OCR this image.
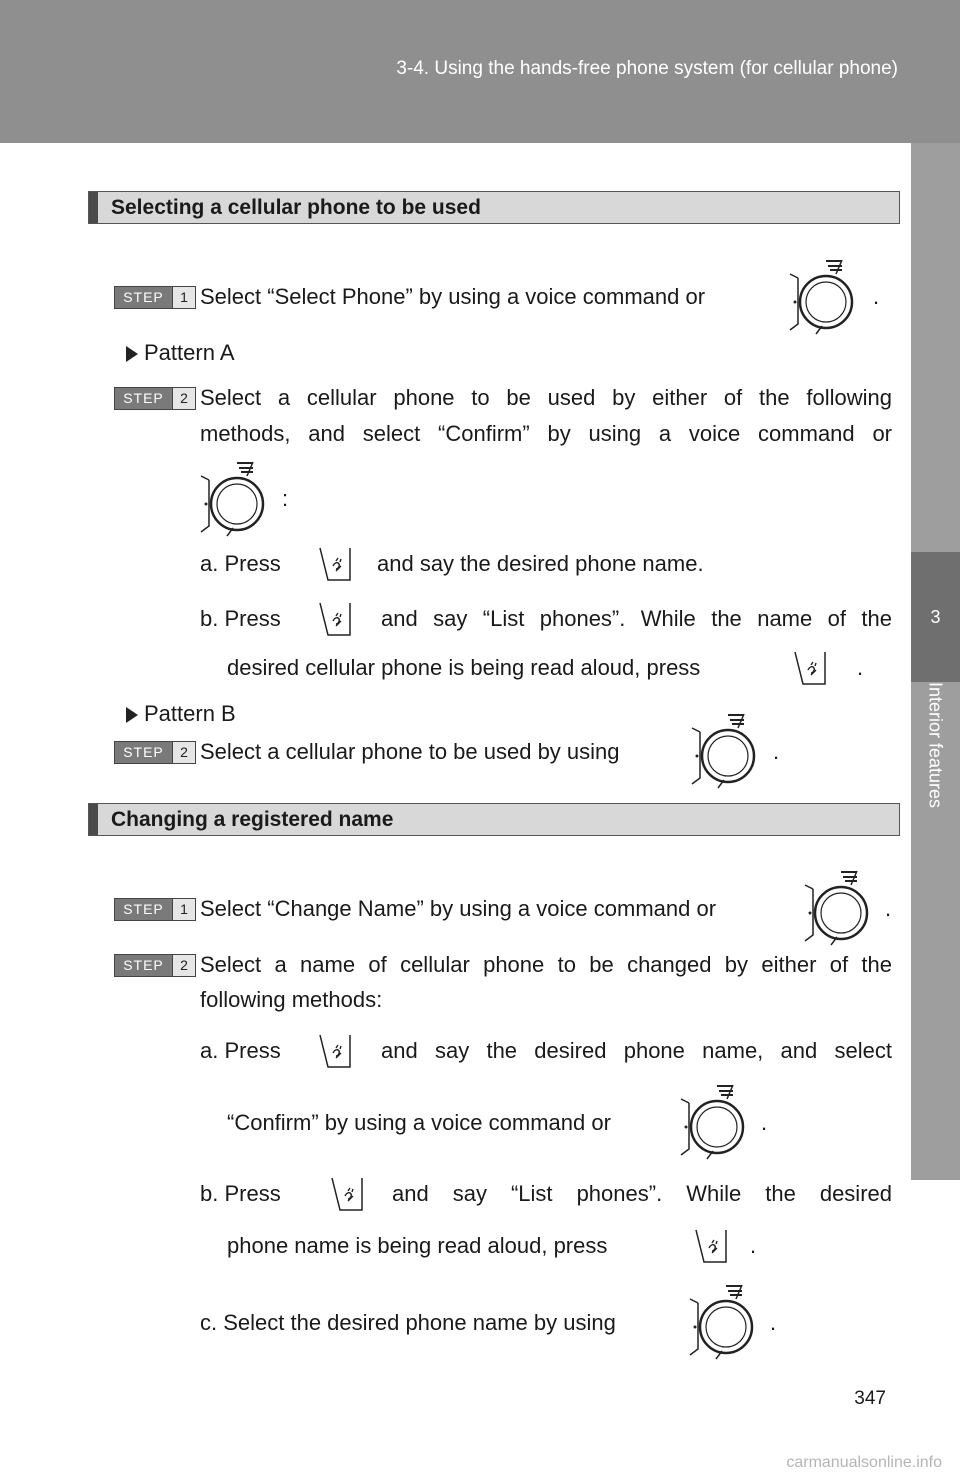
3-4. Using the hands-free phone system (for cellular phone)
3
Interior features
Selecting a cellular phone to be used
STEP	1 Select “Select Phone” by using a voice command or	.
Pattern A
STEP	2 Select a cellular phone to be used by either of the following
methods, and select “Confirm” by using a voice command or
:
a. Press	and say the desired phone name.
b. Press	and say “List phones”. While the name of the
desired cellular phone is being read aloud, press	.
Pattern B
STEP	2 Select a cellular phone to be used by using	.
Changing a registered name
STEP	1 Select “Change Name” by using a voice command or	.
STEP	2 Select a name of cellular phone to be changed by either of the
following methods:
a. Press	and say the desired phone name, and select
“Confirm” by using a voice command or	.
b. Press	and say “List phones”. While the desired
phone name is being read aloud, press	.
c. Select the desired phone name by using	.
347
carmanualsonline.info
